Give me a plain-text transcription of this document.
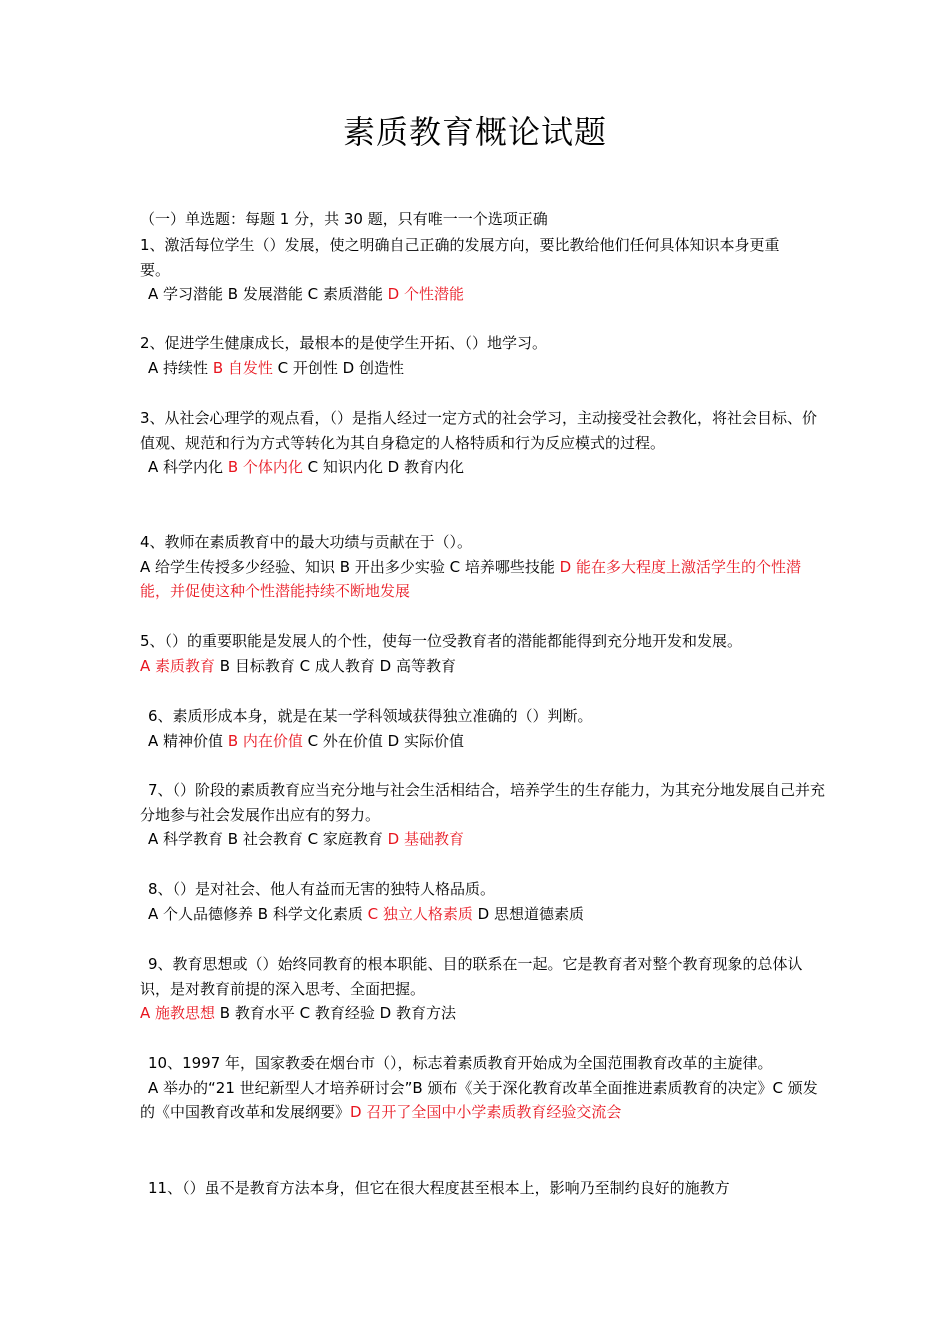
素质教育概论试题
（一）单选题：每题 1 分，共 30 题，只有唯一一个选项正确

1、激活每位学生（）发展，使之明确自己正确的发展方向，要比教给他们任何具体知识本身更重要。

A 学习潜能 B 发展潜能 C 素质潜能 D 个性潜能

2、促进学生健康成长，最根本的是使学生开拓、（）地学习。

A 持续性 B 自发性 C 开创性 D 创造性

3、从社会心理学的观点看，（）是指人经过一定方式的社会学习，主动接受社会教化，将社会目标、价值观、规范和行为方式等转化为其自身稳定的人格特质和行为反应模式的过程。

A 科学内化 B 个体内化 C 知识内化 D 教育内化

4、教师在素质教育中的最大功绩与贡献在于（）。

A 给学生传授多少经验、知识 B 开出多少实验 C 培养哪些技能 D 能在多大程度上激活学生的个性潜能，并促使这种个性潜能持续不断地发展

5、（）的重要职能是发展人的个性，使每一位受教育者的潜能都能得到充分地开发和发展。

A 素质教育 B 目标教育 C 成人教育 D 高等教育

6、素质形成本身，就是在某一学科领域获得独立准确的（）判断。

A 精神价值 B 内在价值 C 外在价值 D 实际价值

7、（）阶段的素质教育应当充分地与社会生活相结合，培养学生的生存能力，为其充分地发展自己并充分地参与社会发展作出应有的努力。

A 科学教育 B 社会教育 C 家庭教育 D 基础教育

8、（）是对社会、他人有益而无害的独特人格品质。

A 个人品德修养 B 科学文化素质 C 独立人格素质 D 思想道德素质

9、教育思想或（）始终同教育的根本职能、目的联系在一起。它是教育者对整个教育现象的总体认识，是对教育前提的深入思考、全面把握。

A 施教思想 B 教育水平 C 教育经验 D 教育方法

10、1997 年，国家教委在烟台市（），标志着素质教育开始成为全国范围教育改革的主旋律。

A 举办的“21 世纪新型人才培养研讨会”B 颁布《关于深化教育改革全面推进素质教育的决定》C 颁发的《中国教育改革和发展纲要》D 召开了全国中小学素质教育经验交流会

11、（）虽不是教育方法本身，但它在很大程度甚至根本上，影响乃至制约良好的施教方
